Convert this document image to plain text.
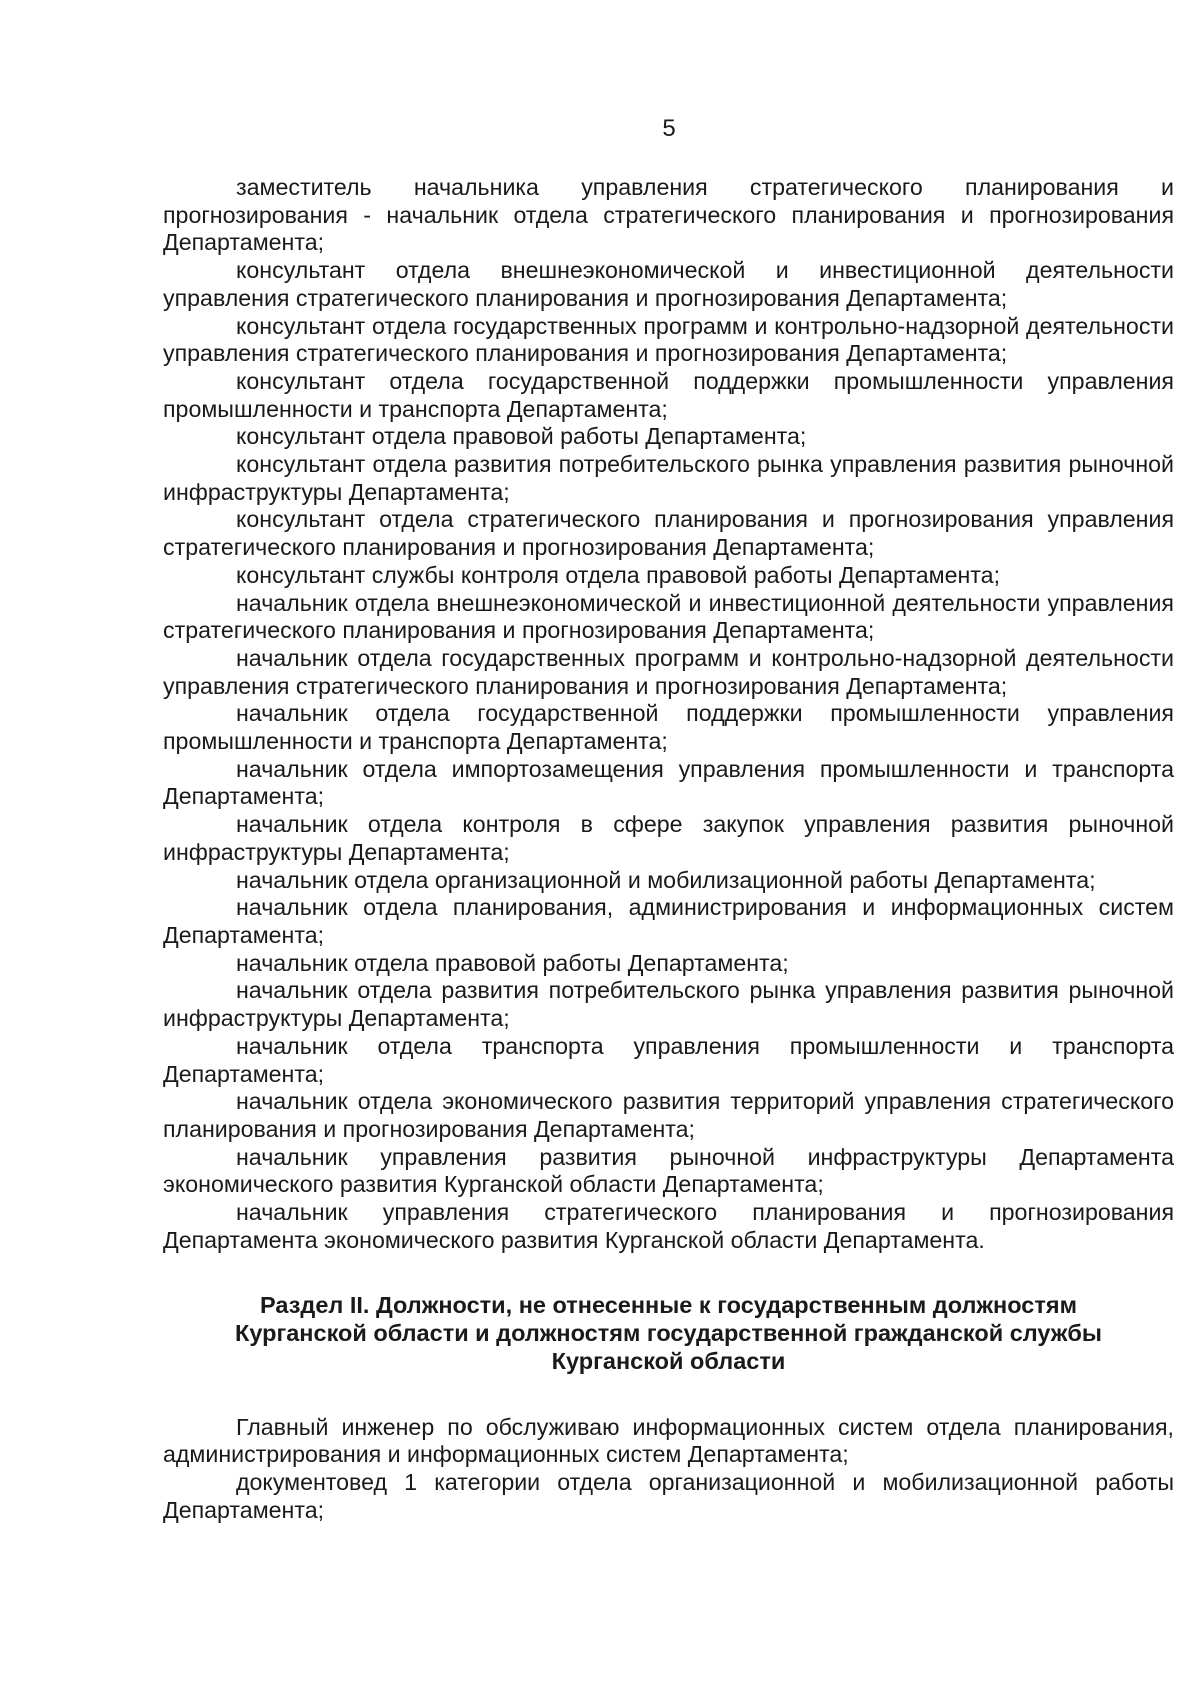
5

заместитель начальника управления стратегического планирования и прогнозирования - начальник отдела стратегического планирования и прогнозирования Департамента;

консультант отдела внешнеэкономической и инвестиционной деятельности управления стратегического планирования и прогнозирования Департамента;

консультант отдела государственных программ и контрольно-надзорной деятельности управления стратегического планирования и прогнозирования Департамента;

консультант отдела государственной поддержки промышленности управления промышленности и транспорта Департамента;

консультант отдела правовой работы Департамента;

консультант отдела развития потребительского рынка управления развития рыночной инфраструктуры Департамента;

консультант отдела стратегического планирования и прогнозирования управления стратегического планирования и прогнозирования Департамента;

консультант службы контроля отдела правовой работы Департамента;

начальник отдела внешнеэкономической и инвестиционной деятельности управления стратегического планирования и прогнозирования Департамента;

начальник отдела государственных программ и контрольно-надзорной деятельности управления стратегического планирования и прогнозирования Департамента;

начальник отдела государственной поддержки промышленности управления промышленности и транспорта Департамента;

начальник отдела импортозамещения управления промышленности и транспорта Департамента;

начальник отдела контроля в сфере закупок управления развития рыночной инфраструктуры Департамента;

начальник отдела организационной и мобилизационной работы Департамента;

начальник отдела планирования, администрирования и информационных систем Департамента;

начальник отдела правовой работы Департамента;

начальник отдела развития потребительского рынка управления развития рыночной инфраструктуры Департамента;

начальник отдела транспорта управления промышленности и транспорта Департамента;

начальник отдела экономического развития территорий управления стратегического планирования и прогнозирования Департамента;

начальник управления развития рыночной инфраструктуры Департамента экономического развития Курганской области Департамента;

начальник управления стратегического планирования и прогнозирования Департамента экономического развития Курганской области Департамента.

Раздел II. Должности, не отнесенные к государственным должностям Курганской области и должностям государственной гражданской службы Курганской области

Главный инженер по обслуживаю информационных систем отдела планирования, администрирования и информационных систем Департамента;

документовед 1 категории отдела организационной и мобилизационной работы Департамента;
